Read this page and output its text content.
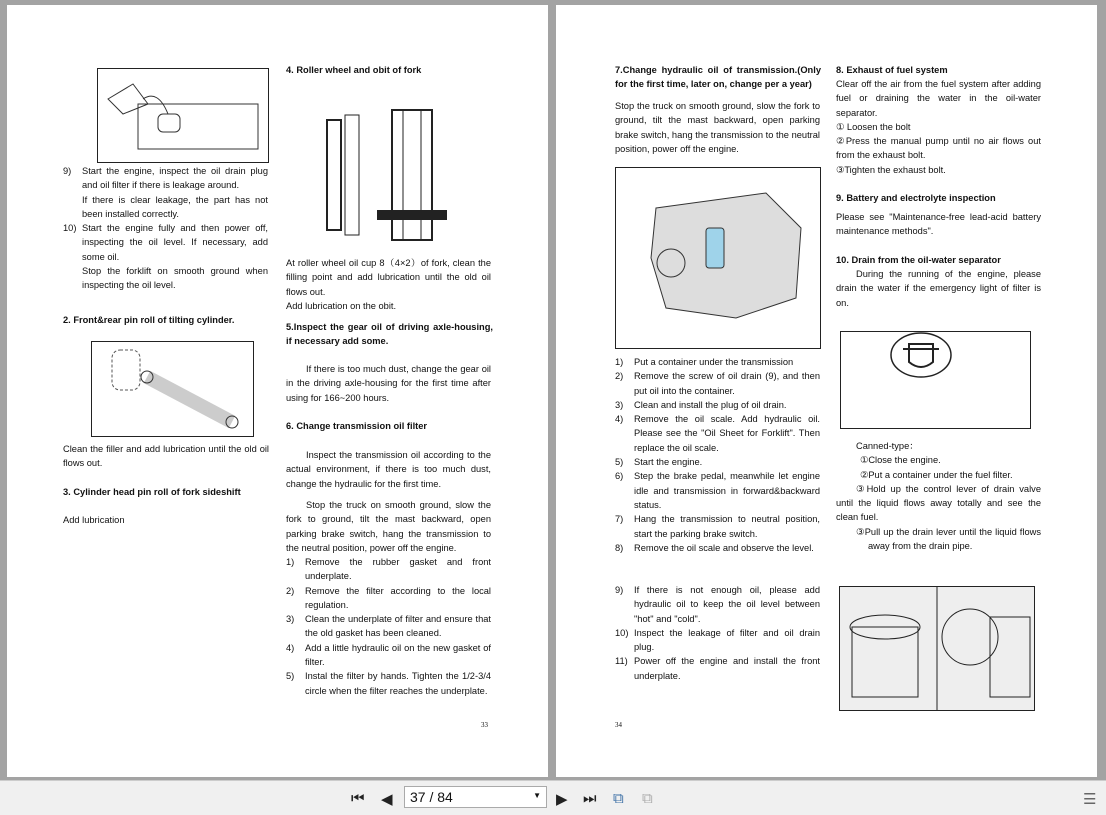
9)	Start the engine, inspect the oil drain plug and oil filter if there is leakage around.
If there is clear leakage, the part has not been installed correctly.
10) Start the engine fully and then power off, inspecting the oil level. If necessary, add some oil.
Stop the forklift on smooth ground when inspecting the oil level.
2. Front&rear pin roll of tilting cylinder.
Clean the filler and add lubrication until the old oil flows out.
3. Cylinder head pin roll of fork sideshift
Add lubrication
4. Roller wheel and obit of fork
At roller wheel oil cup 8（4×2）of fork, clean the filling point and add lubrication until the old oil flows out.
Add lubrication on the obit.
5.Inspect the gear oil of driving axle-housing, if necessary add some.
If there is too much dust, change the gear oil in the driving axle-housing for the first time after using for 166~200 hours.
6. Change transmission oil filter
Inspect the transmission oil according to the actual environment, if there is too much dust, change the hydraulic for the first time.
Stop the truck on smooth ground, slow the fork to ground, tilt the mast backward, open parking brake switch, hang the transmission to the neutral position, power off the engine.
1)	Remove the rubber gasket and front underplate.
2)	Remove the filter according to the local regulation.
3)	Clean the underplate of filter and ensure that the old gasket has been cleaned.
4)	Add a little hydraulic oil on the new gasket of filter.
5)	Instal the filter by hands. Tighten the 1/2-3/4 circle when the filter reaches the underplate.
33
7.Change hydraulic oil of transmission.(Only for the first time, later on, change per a year)
Stop the truck on smooth ground, slow the fork to ground, tilt the mast backward, open parking brake switch, hang the transmission to the neutral position, power off the engine.
1)	Put a container under the transmission
2)	Remove the screw of oil drain (9), and then put oil into the container.
3)	Clean and install the plug of oil drain.
4)	Remove the oil scale. Add hydraulic oil. Please see the "Oil Sheet for Forklift". Then replace the oil scale.
5)	Start the engine.
6)	Step the brake pedal, meanwhile let engine idle and transmission in forward&backward status.
7)	Hang the transmission to neutral position, start the parking brake switch.
8)	Remove the oil scale and observe the level.
9)	If there is not enough oil, please add hydraulic oil to keep the oil level between "hot" and "cold".
10) Inspect the leakage of filter and oil drain plug.
11) Power off the engine and install the front underplate.
8. Exhaust of fuel system
Clear off the air from the fuel system after adding fuel or draining the water in the oil-water separator.
① Loosen the bolt
②Press the manual pump until no air flows out from the exhaust bolt.
③Tighten the exhaust bolt.
9. Battery and electrolyte inspection
Please see "Maintenance-free lead-acid battery maintenance methods".
10. Drain from the oil-water separator
During the running of the engine, please drain the water if the emergency light of filter is on.
Canned-type：
①Close the engine.
②Put a container under the fuel filter.
③Hold up the control lever of drain valve until the liquid flows away totally and see the clean fuel.
③Pull up the drain lever until the liquid flows away from the drain pipe.
34
⏮ ◀	37 / 84	▼ ▶ ⏭ ⧉ ⧉	☰
